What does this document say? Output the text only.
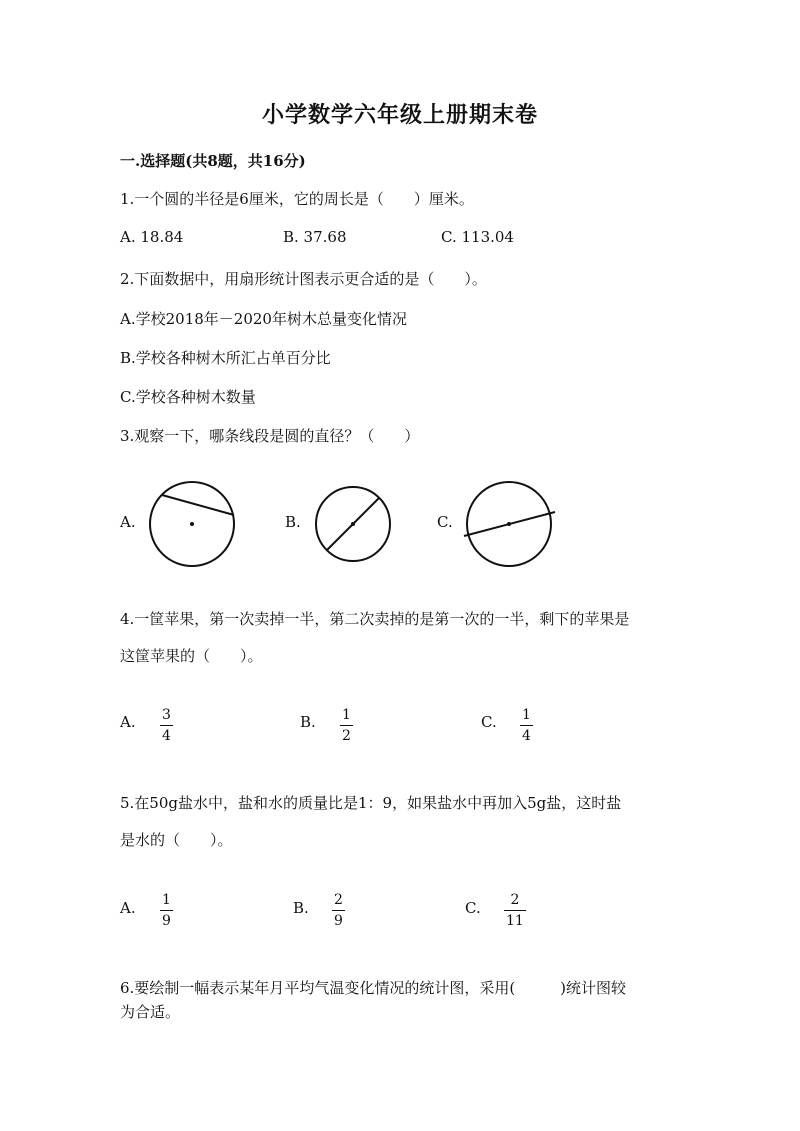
小学数学六年级上册期末卷
一.选择题(共8题，共16分)
1.一个圆的半径是6厘米，它的周长是（　　）厘米。
A. 18.84	B. 37.68	C. 113.04
2.下面数据中，用扇形统计图表示更合适的是（　　）。
A.学校2018年－2020年树木总量变化情况
B.学校各种树木所汇占单百分比
C.学校各种树木数量
3.观察一下，哪条线段是圆的直径？（　　）
A.	B.	C.
4.一筐苹果，第一次卖掉一半，第二次卖掉的是第一次的一半，剩下的苹果是
这筐苹果的（　　）。
A. 3
4
B. 1
2
C. 1
4
5.在50g盐水中，盐和水的质量比是1：9，如果盐水中再加入5g盐，这时盐
是水的（　　）。
A. 1
9
B. 2
9
C. 2
11
6.要绘制一幅表示某年月平均气温变化情况的统计图，采用(　　　)统计图较
为合适。
